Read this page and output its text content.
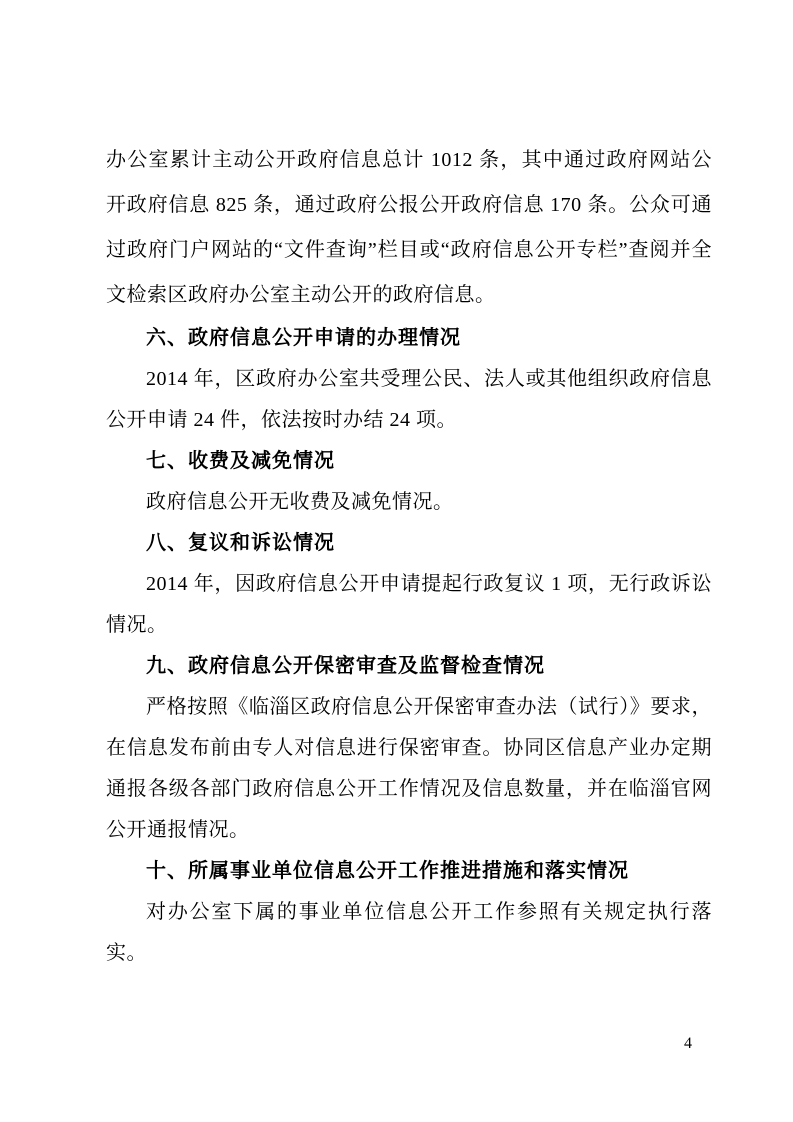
办公室累计主动公开政府信息总计 1012 条，其中通过政府网站公开政府信息 825 条，通过政府公报公开政府信息 170 条。公众可通过政府门户网站的“文件查询”栏目或“政府信息公开专栏”查阅并全文检索区政府办公室主动公开的政府信息。

六、政府信息公开申请的办理情况

2014 年，区政府办公室共受理公民、法人或其他组织政府信息公开申请 24 件，依法按时办结 24 项。

七、收费及减免情况

政府信息公开无收费及减免情况。

八、复议和诉讼情况

2014 年，因政府信息公开申请提起行政复议 1 项，无行政诉讼情况。

九、政府信息公开保密审查及监督检查情况

严格按照《临淄区政府信息公开保密审查办法（试行）》要求，在信息发布前由专人对信息进行保密审查。协同区信息产业办定期通报各级各部门政府信息公开工作情况及信息数量，并在临淄官网公开通报情况。

十、所属事业单位信息公开工作推进措施和落实情况

对办公室下属的事业单位信息公开工作参照有关规定执行落实。

4
